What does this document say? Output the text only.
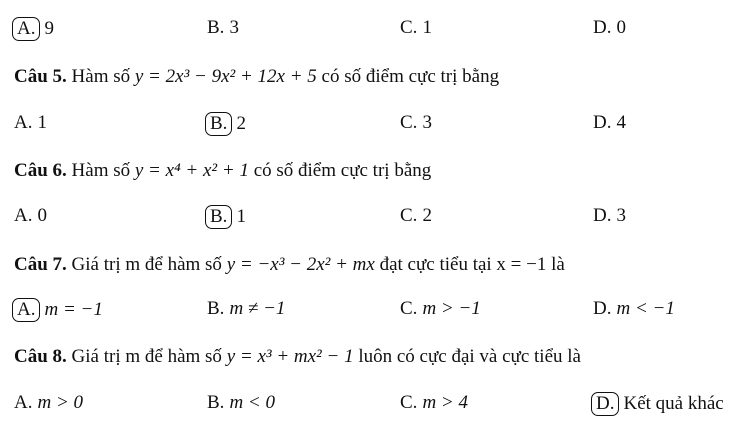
A. 9	B. 3	C. 1	D. 0
Câu 5. Hàm số y = 2x³ − 9x² + 12x + 5 có số điểm cực trị bằng
A. 1	B. 2	C. 3	D. 4
Câu 6. Hàm số y = x⁴ + x² + 1 có số điểm cực trị bằng
A. 0	B. 1	C. 2	D. 3
Câu 7. Giá trị m để hàm số y = −x³ − 2x² + mx đạt cực tiểu tại x = −1 là
A. m = −1	B. m ≠ −1	C. m > −1	D. m < −1
Câu 8. Giá trị m để hàm số y = x³ + mx² − 1 luôn có cực đại và cực tiểu là
A. m > 0	B. m < 0	C. m > 4	D. Kết quả khác
